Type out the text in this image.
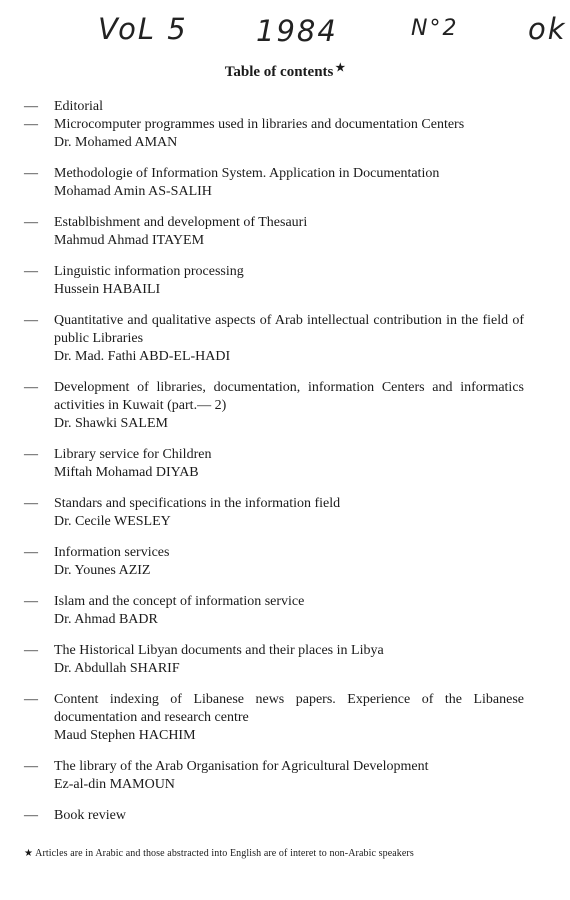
VoL 5 1984	N°2 ok
Table of contents ★
—	Editorial
—	Microcomputer programmes used in libraries and documentation Centers
Dr. Mohamed AMAN
—	Methodologie of Information System. Application in Documentation
Mohamad Amin AS-SALIH
—	Establbishment and development of Thesauri
Mahmud Ahmad ITAYEM
—	Linguistic information processing
Hussein HABAILI
—	Quantitative and qualitative aspects of Arab intellectual contribution in the field of public Libraries
Dr. Mad. Fathi ABD-EL-HADI
—	Development of libraries, documentation, information Centers and informatics activities in Kuwait (part.— 2)
Dr. Shawki SALEM
—	Library service for Children
Miftah Mohamad DIYAB
—	Standars and specifications in the information field
Dr. Cecile WESLEY
—	Information services
Dr. Younes AZIZ
—	Islam and the concept of information service
Dr. Ahmad BADR
—	The Historical Libyan documents and their places in Libya
Dr. Abdullah SHARIF
—	Content indexing of Libanese news papers. Experience of the Libanese documentation and research centre
Maud Stephen HACHIM
—	The library of the Arab Organisation for Agricultural Development
Ez-al-din MAMOUN
—	Book review
★ Articles are in Arabic and those abstracted into English are of interet to non-Arabic speakers
